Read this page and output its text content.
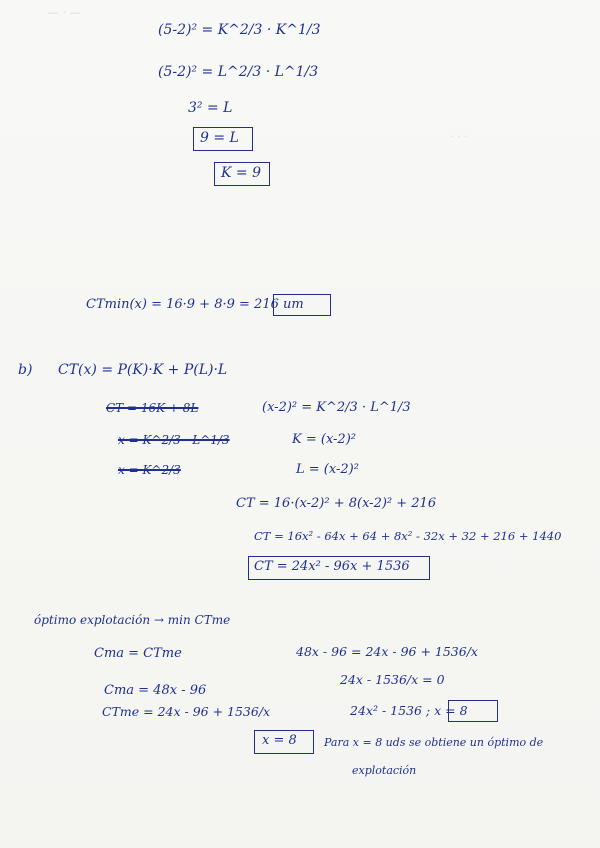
— · —
· · ·
(5-2)² = K^2/3 · K^1/3
(5-2)² = L^2/3 · L^1/3
3² = L
9 = L
K = 9
CTmin(x) = 16·9 + 8·9 = 216 um
b) CT(x) = P(K)·K + P(L)·L
CT = 16K + 8L	(x-2)² = K^2/3 · L^1/3
x = K^2/3 · L^1/3	K = (x-2)²
x = K^2/3	L = (x-2)²
CT = 16·(x-2)² + 8(x-2)² + 216
CT = 16x² - 64x + 64 + 8x² - 32x + 32 + 216 + 1440
CT = 24x² - 96x + 1536
óptimo explotación → min CTme
Cma = CTme	48x - 96 = 24x - 96 + 1536/x
24x - 1536/x = 0
Cma = 48x - 96
CTme = 24x - 96 + 1536/x	24x² - 1536 ; x = 8
x = 8 Para x = 8 uds se obtiene un óptimo de
explotación
